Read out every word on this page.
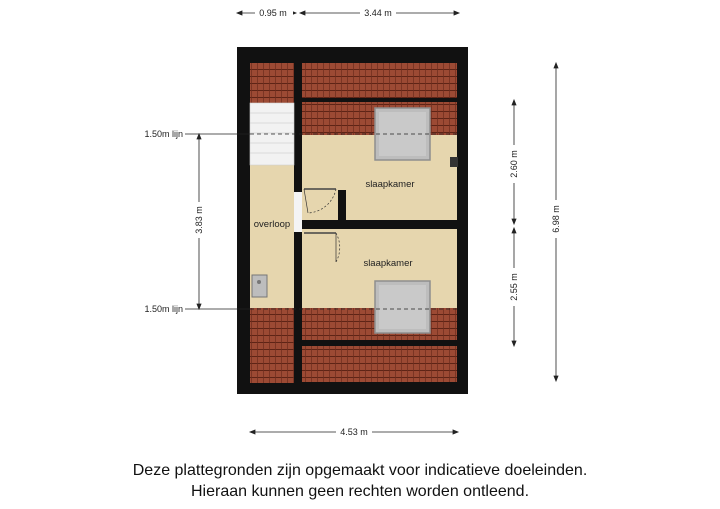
slaapkamer
slaapkamer
overloop
0.95 m	3.44 m
4.53 m
2.60 m
2.55 m
6.98 m
3.83 m
1.50m lijn
1.50m lijn
Deze plattegronden zijn opgemaakt voor indicatieve doeleinden.
Hieraan kunnen geen rechten worden ontleend.
